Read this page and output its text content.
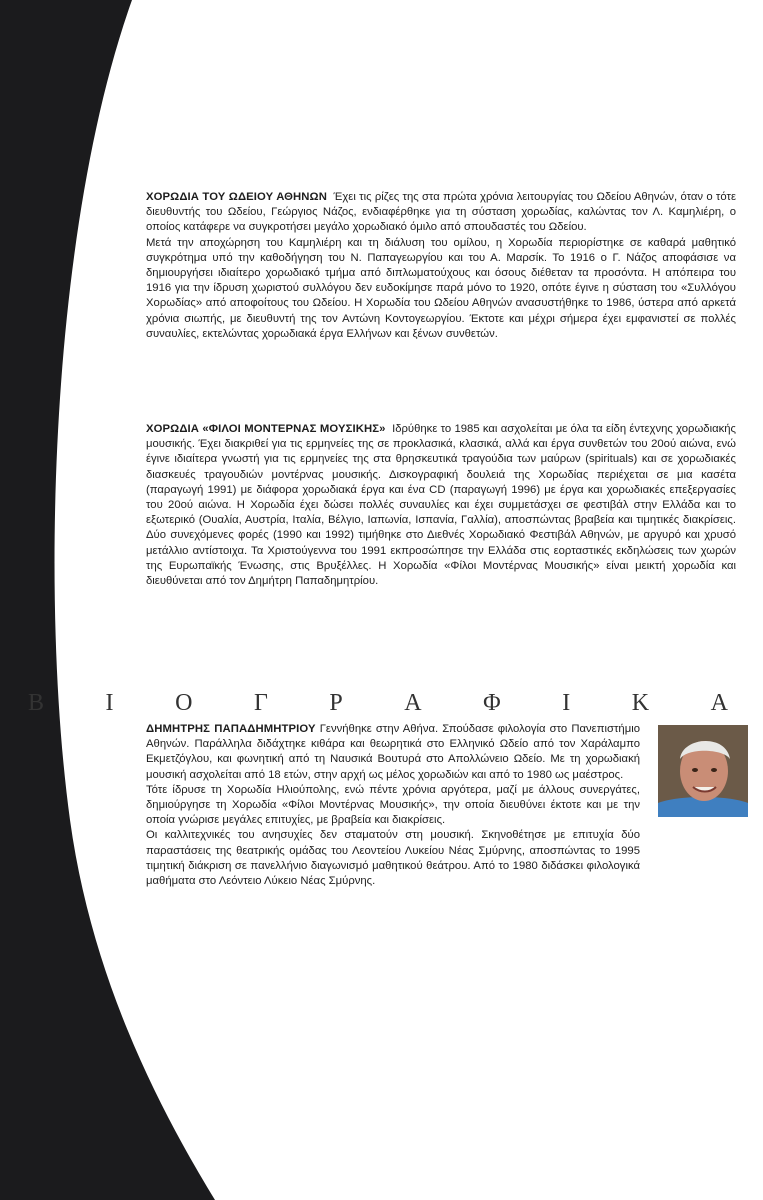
ΧΟΡΩΔΙΑ ΤΟΥ ΩΔΕΙΟΥ ΑΘΗΝΩΝ Έχει τις ρίζες της στα πρώτα χρόνια λειτουργίας του Ωδείου Αθηνών, όταν ο τότε διευθυντής του Ωδείου, Γεώργιος Νάζος, ενδιαφέρθηκε για τη σύσταση χορωδίας, καλώντας τον Λ. Καμηλιέρη, ο οποίος κατάφερε να συγκροτήσει μεγάλο χορωδιακό όμιλο από σπουδαστές του Ωδείου.

Μετά την αποχώρηση του Καμηλιέρη και τη διάλυση του ομίλου, η Χορωδία περιορίστηκε σε καθαρά μαθητικό συγκρότημα υπό την καθοδήγηση του Ν. Παπαγεωργίου και του Α. Μαρσίκ. Το 1916 ο Γ. Νάζος αποφάσισε να δημιουργήσει ιδιαίτερο χορωδιακό τμήμα από διπλωματούχους και όσους διέθεταν τα προσόντα. Η απόπειρα του 1916 για την ίδρυση χωριστού συλλόγου δεν ευδοκίμησε παρά μόνο το 1920, οπότε έγινε η σύσταση του «Συλλόγου Χορωδίας» από αποφοίτους του Ωδείου. Η Χορωδία του Ωδείου Αθηνών ανασυστήθηκε το 1986, ύστερα από αρκετά χρόνια σιωπής, με διευθυντή της τον Αντώνη Κοντογεωργίου. Έκτοτε και μέχρι σήμερα έχει εμφανιστεί σε πολλές συναυλίες, εκτελώντας χορωδιακά έργα Ελλήνων και ξένων συνθετών.

ΧΟΡΩΔΙΑ «ΦΙΛΟΙ ΜΟΝΤΕΡΝΑΣ ΜΟΥΣΙΚΗΣ» Ιδρύθηκε το 1985 και ασχολείται με όλα τα είδη έντεχνης χορωδιακής μουσικής. Έχει διακριθεί για τις ερμηνείες της σε προκλασικά, κλασικά, αλλά και έργα συνθετών του 20ού αιώνα, ενώ έγινε ιδιαίτερα γνωστή για τις ερμηνείες της στα θρησκευτικά τραγούδια των μαύρων (spirituals) και σε χορωδιακές διασκευές τραγουδιών μοντέρνας μουσικής. Δισκογραφική δουλειά της Χορωδίας περιέχεται σε μια κασέτα (παραγωγή 1991) με διάφορα χορωδιακά έργα και ένα CD (παραγωγή 1996) με έργα και χορωδιακές επεξεργασίες του 20ού αιώνα. Η Χορωδία έχει δώσει πολλές συναυλίες και έχει συμμετάσχει σε φεστιβάλ στην Ελλάδα και το εξωτερικό (Ουαλία, Αυστρία, Ιταλία, Βέλγιο, Ιαπωνία, Ισπανία, Γαλλία), αποσπώντας βραβεία και τιμητικές διακρίσεις. Δύο συνεχόμενες φορές (1990 και 1992) τιμήθηκε στο Διεθνές Χορωδιακό Φεστιβάλ Αθηνών, με αργυρό και χρυσό μετάλλιο αντίστοιχα. Τα Χριστούγεννα του 1991 εκπροσώπησε την Ελλάδα στις εορταστικές εκδηλώσεις των χωρών της Ευρωπαϊκής Ένωσης, στις Βρυξέλλες. Η Χορωδία «Φίλοι Μοντέρνας Μουσικής» είναι μεικτή χορωδία και διευθύνεται από τον Δημήτρη Παπαδημητρίου.

Β	Ι	Ο	Γ	Ρ	Α	Φ	Ι	Κ	Α

ΔΗΜΗΤΡΗΣ ΠΑΠΑΔΗΜΗΤΡΙΟΥ Γεννήθηκε στην Αθήνα. Σπούδασε φιλολογία στο Πανεπιστήμιο Αθηνών. Παράλληλα διδάχτηκε κιθάρα και θεωρητικά στο Ελληνικό Ωδείο από τον Χαράλαμπο Εκμετζόγλου, και φωνητική από τη Ναυσικά Βουτυρά στο Απολλώνειο Ωδείο. Με τη χορωδιακή μουσική ασχολείται από 18 ετών, στην αρχή ως μέλος χορωδιών και από το 1980 ως μαέστρος.

Τότε ίδρυσε τη Χορωδία Ηλιούπολης, ενώ πέντε χρόνια αργότερα, μαζί με άλλους συνεργάτες, δημιούργησε τη Χορωδία «Φίλοι Μοντέρνας Μουσικής», την οποία διευθύνει έκτοτε και με την οποία γνώρισε μεγάλες επιτυχίες, με βραβεία και διακρίσεις.

Οι καλλιτεχνικές του ανησυχίες δεν σταματούν στη μουσική. Σκηνοθέτησε με επιτυχία δύο παραστάσεις της θεατρικής ομάδας του Λεοντείου Λυκείου Νέας Σμύρνης, αποσπώντας το 1995 τιμητική διάκριση σε πανελλήνιο διαγωνισμό μαθητικού θεάτρου. Από το 1980 διδάσκει φιλολογικά μαθήματα στο Λεόντειο Λύκειο Νέας Σμύρνης.
